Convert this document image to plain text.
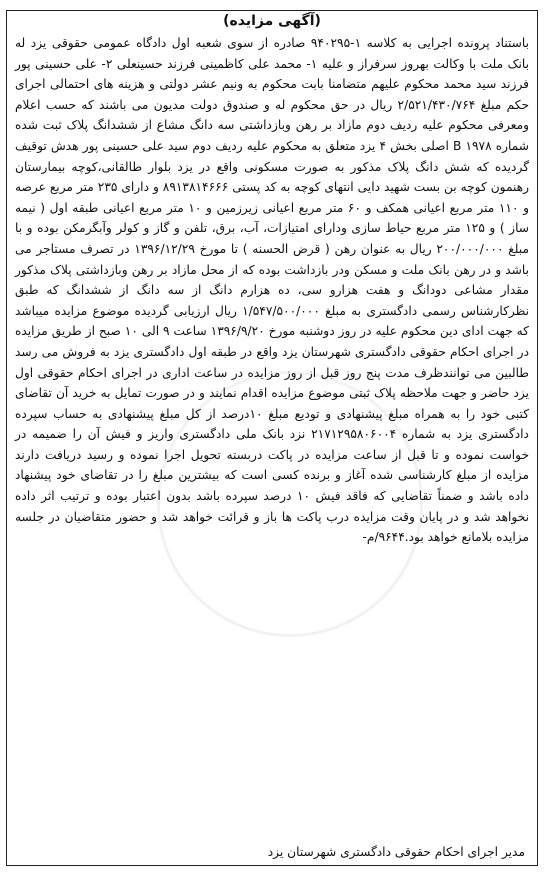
(آگهی مزایده)

باستناد پرونده اجرایی به کلاسه ۱-۹۴۰۲۹۵ صادره از سوی شعبه اول دادگاه عمومی حقوقی یزد له بانک ملت با وکالت بهروز سرفراز و علیه ۱- محمد علی کاظمینی فرزند حسینعلی ۲- علی حسینی پور فرزند سید محمد محکوم علیهم متضامنا بابت محکوم به ونیم عشر دولتی و هزینه های احتمالی اجرای حکم مبلغ ۲/۵۲۱/۴۳۰/۷۶۴ ریال در حق محکوم له و صندوق دولت مدیون می باشند که حسب اعلام ومعرفی محکوم علیه ردیف دوم مازاد بر رهن وبازداشتی سه دانگ مشاع از ششدانگ پلاک ثبت شده شماره B ۱۹۷۸ اصلی بخش ۴ یزد متعلق به محکوم علیه ردیف دوم سید علی حسینی پور هدش توقیف گردیده که شش دانگ پلاک مذکور به صورت مسکونی واقع در یزد بلوار طالقانی،کوچه بیمارستان رهنمون کوچه بن بست شهید دایی انتهای کوچه به کد پستی ۸۹۱۳۸۱۴۶۶۶ و دارای ۲۳۵ متر مربع عرصه و ۱۱۰ متر مربع اعیانی همکف و ۶۰ متر مربع اعیانی زیرزمین و ۱۰ متر مربع اعیانی طبقه اول ( نیمه ساز ) و ۱۲۵ متر مربع حیاط سازی ودارای امتیازات، آب، برق، تلفن و گاز و کولر وآبگرمکن بوده و با مبلغ ۲۰۰/۰۰۰/۰۰۰ ریال به عنوان رهن ( قرض الحسنه ) تا مورخ ۱۳۹۶/۱۲/۲۹ در تصرف مستاجر می باشد و در رهن بانک ملت و مسکن ودر بازداشت بوده که از محل مازاد بر رهن وبازداشتی پلاک مذکور مقدار مشاعی دودانگ و هفت هزارو سی، ده هزارم دانگ از سه دانگ از ششدانگ که طبق نظرکارشناس رسمی دادگستری به مبلغ ۱/۵۴۷/۵۰۰/۰۰۰ ریال ارزیابی گردیده موضوع مزایده میباشد که جهت ادای دین محکوم علیه در روز دوشنبه مورخ ۱۳۹۶/۹/۲۰ ساعت ۹ الی ۱۰ صبح از طریق مزایده در اجرای احکام حقوقی دادگستری شهرستان یزد واقع در طبقه اول دادگستری یزد به فروش می رسد طالبین می توانندظرف مدت پنج روز قبل از روز مزایده در ساعت اداری در اجرای احکام حقوقی اول یزد حاضر و جهت ملاحظه پلاک ثبتی موضوع مزایده اقدام نمایند و در صورت تمایل به خرید آن تقاضای کتبی خود را به همراه مبلغ پیشنهادی و تودیع مبلغ ۱۰درصد از کل مبلغ پیشنهادی به حساب سپرده دادگستری یزد به شماره ۲۱۷۱۲۹۵۸۰۶۰۰۴ نزد بانک ملی دادگستری واریز و فیش آن را ضمیمه در خواست نموده و تا قبل از ساعت مزایده در پاکت دربسته تحویل اجرا نموده و رسید دریافت دارند مزایده از مبلغ کارشناسی شده آغاز و برنده کسی است که بیشترین مبلغ را در تقاضای خود پیشنهاد داده باشد و ضمناً تقاضایی که فاقد فیش ۱۰ درصد سپرده باشد بدون اعتبار بوده و ترتیب اثر داده نخواهد شد و در پایان وقت مزایده درب پاکت ها باز و قرائت خواهد شد و حضور متقاضیان در جلسه مزایده بلامانع خواهد بود.۹۶۴۴/م-

مدیر اجرای احکام حقوقی دادگستری شهرستان یزد
